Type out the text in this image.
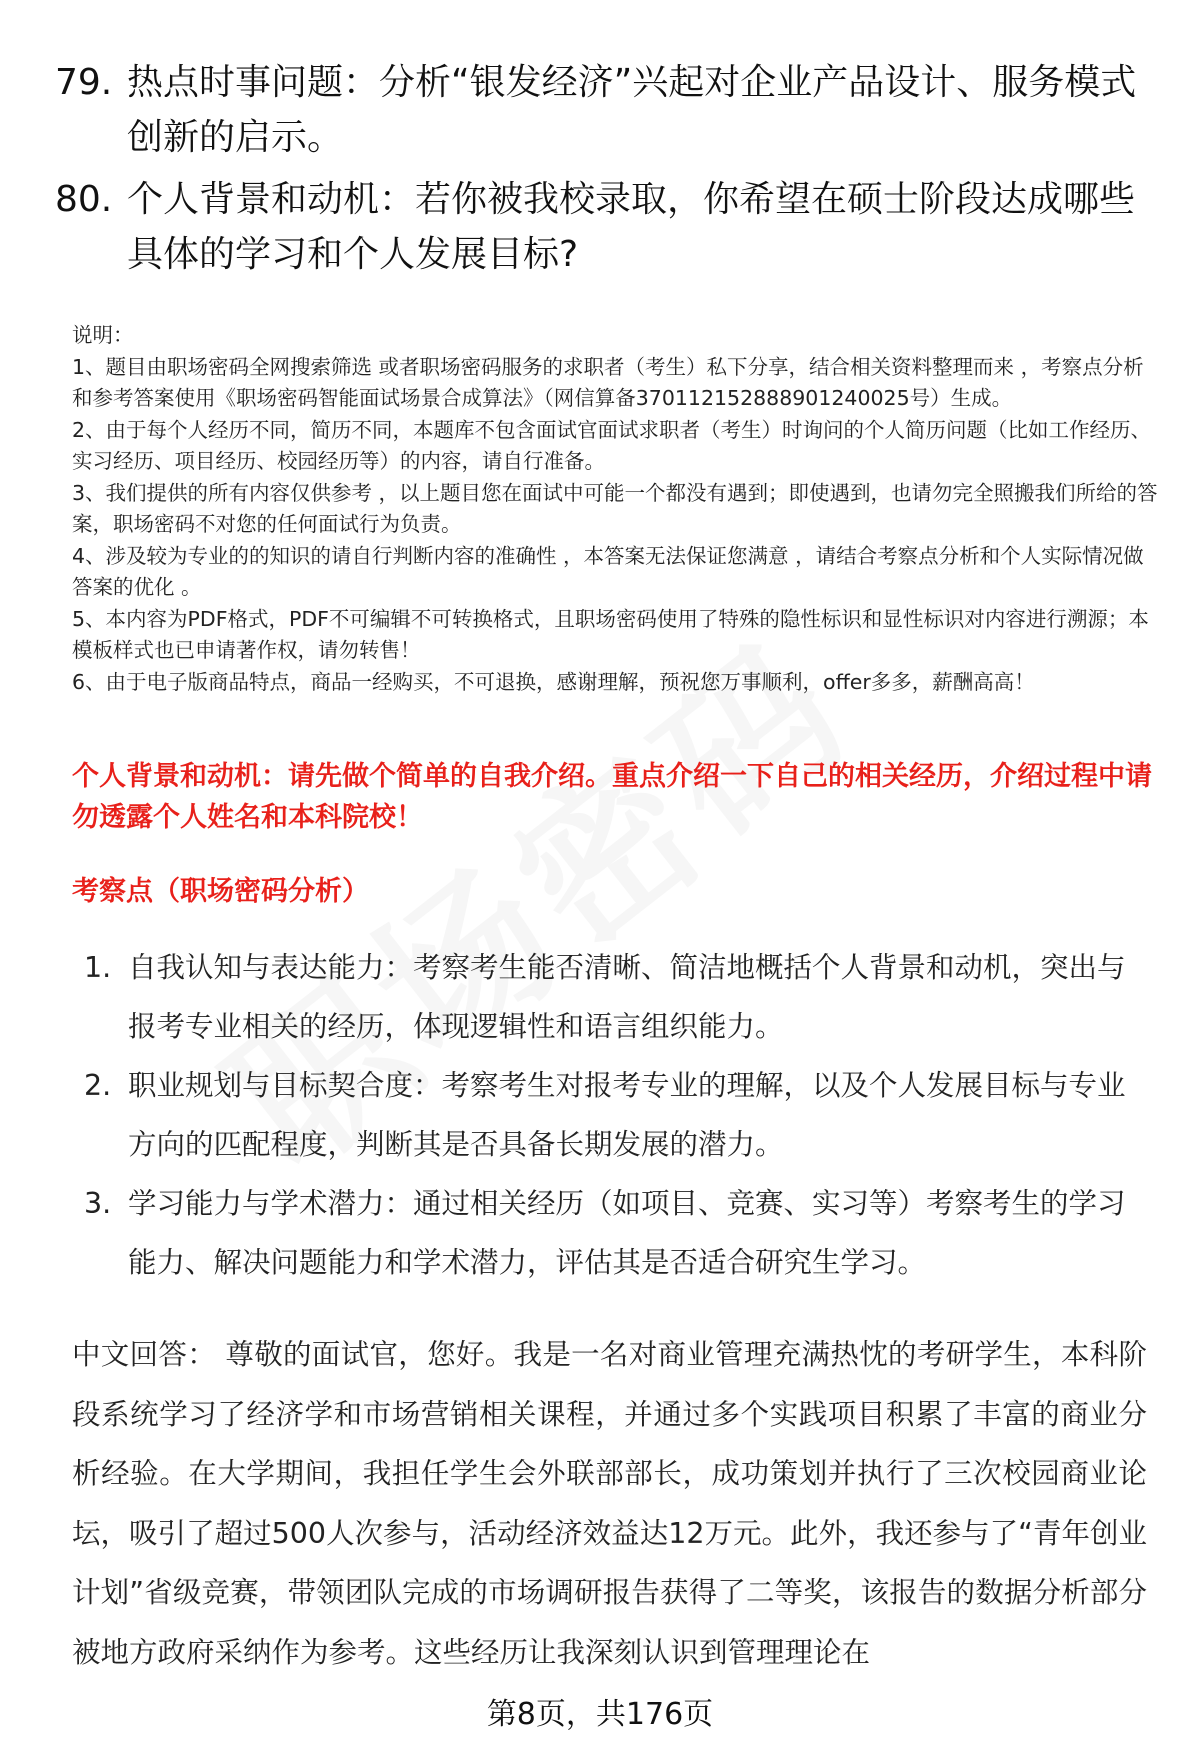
79. 热点时事问题：分析“银发经济”兴起对企业产品设计、服务模式创新的启示。
80. 个人背景和动机：若你被我校录取，你希望在硕士阶段达成哪些具体的学习和个人发展目标?

说明：

1、题目由职场密码全网搜索筛选 或者职场密码服务的求职者（考生）私下分享，结合相关资料整理而来 ，考察点分析和参考答案使用《职场密码智能面试场景合成算法》（网信算备370112152888901240025号）生成。

2、由于每个人经历不同，简历不同，本题库不包含面试官面试求职者（考生）时询问的个人简历问题（比如工作经历、实习经历、项目经历、校园经历等）的内容，请自行准备。

3、我们提供的所有内容仅供参考 ，以上题目您在面试中可能一个都没有遇到；即使遇到，也请勿完全照搬我们所给的答案，职场密码不对您的任何面试行为负责。

4、涉及较为专业的的知识的请自行判断内容的准确性 ，本答案无法保证您满意 ，请结合考察点分析和个人实际情况做答案的优化 。

5、本内容为PDF格式，PDF不可编辑不可转换格式，且职场密码使用了特殊的隐性标识和显性标识对内容进行溯源；本模板样式也已申请著作权，请勿转售！

6、由于电子版商品特点，商品一经购买，不可退换，感谢理解，预祝您万事顺利，offer多多，薪酬高高！

个人背景和动机：请先做个简单的自我介绍。重点介绍一下自己的相关经历，介绍过程中请勿透露个人姓名和本科院校！
考察点（职场密码分析）
1. 自我认知与表达能力：考察考生能否清晰、简洁地概括个人背景和动机，突出与报考专业相关的经历，体现逻辑性和语言组织能力。
2. 职业规划与目标契合度：考察考生对报考专业的理解，以及个人发展目标与专业方向的匹配程度，判断其是否具备长期发展的潜力。
3. 学习能力与学术潜力：通过相关经历（如项目、竞赛、实习等）考察考生的学习能力、解决问题能力和学术潜力，评估其是否适合研究生学习。
中文回答： 尊敬的面试官，您好。我是一名对商业管理充满热忱的考研学生，本科阶段系统学习了经济学和市场营销相关课程，并通过多个实践项目积累了丰富的商业分析经验。在大学期间，我担任学生会外联部部长，成功策划并执行了三次校园商业论坛，吸引了超过500人次参与，活动经济效益达12万元。此外，我还参与了“青年创业计划”省级竞赛，带领团队完成的市场调研报告获得了二等奖，该报告的数据分析部分被地方政府采纳作为参考。这些经历让我深刻认识到管理理论在
第8页，共176页
